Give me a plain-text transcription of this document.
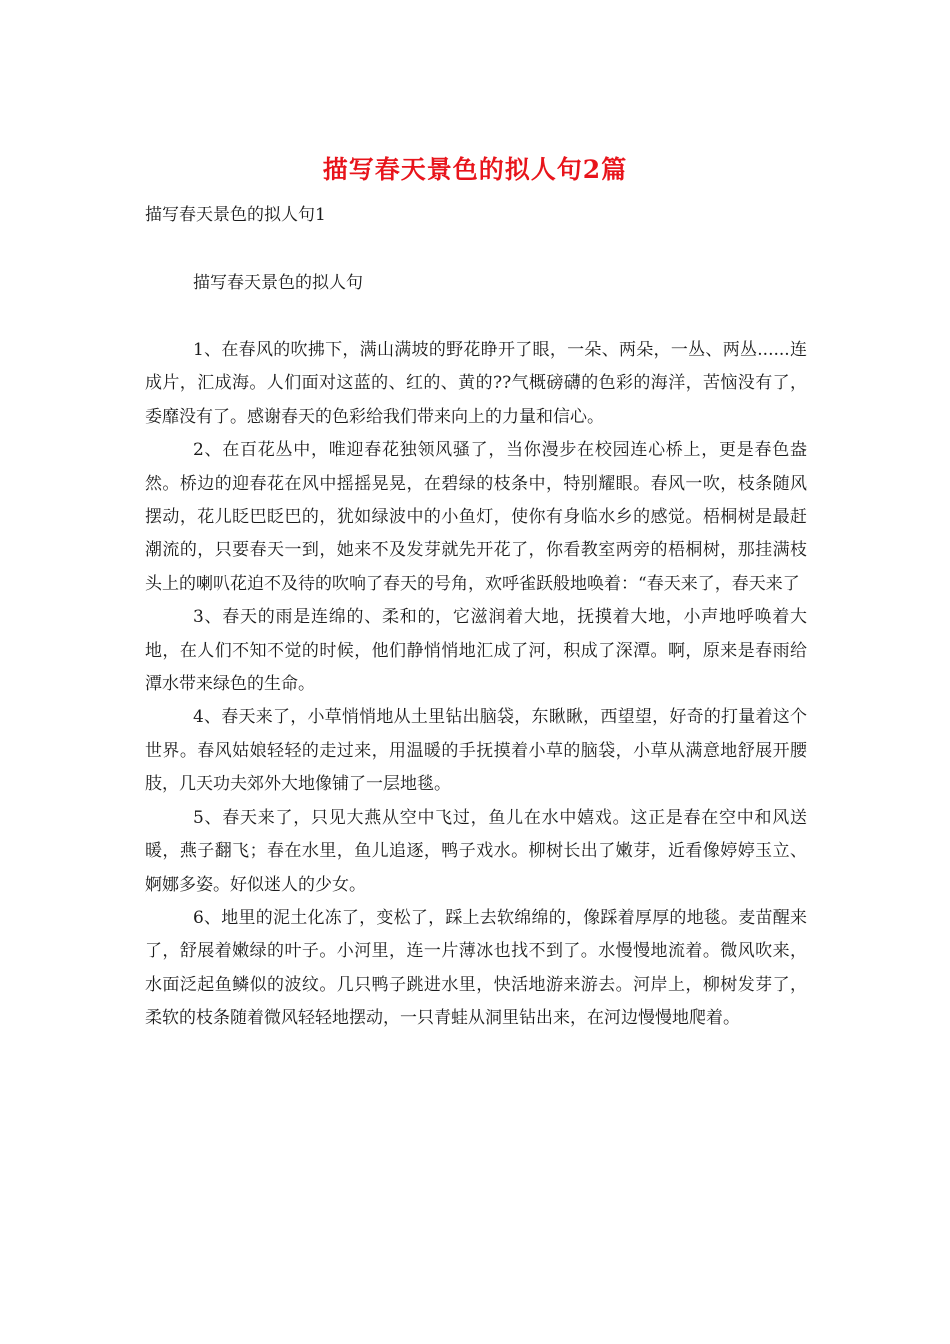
描写春天景色的拟人句2篇

描写春天景色的拟人句1

描写春天景色的拟人句

1、在春风的吹拂下，满山满坡的野花睁开了眼，一朵、两朵，一丛、两丛......连成片，汇成海。人们面对这蓝的、红的、黄的??气概磅礴的色彩的海洋，苦恼没有了，委靡没有了。感谢春天的色彩给我们带来向上的力量和信心。

2、在百花丛中，唯迎春花独领风骚了，当你漫步在校园连心桥上，更是春色盎然。桥边的迎春花在风中摇摇晃晃，在碧绿的枝条中，特别耀眼。春风一吹，枝条随风摆动，花儿眨巴眨巴的，犹如绿波中的小鱼灯，使你有身临水乡的感觉。梧桐树是最赶潮流的，只要春天一到，她来不及发芽就先开花了，你看教室两旁的梧桐树，那挂满枝头上的喇叭花迫不及待的吹响了春天的号角，欢呼雀跃般地唤着：“春天来了，春天来了

3、春天的雨是连绵的、柔和的，它滋润着大地，抚摸着大地，小声地呼唤着大地，在人们不知不觉的时候，他们静悄悄地汇成了河，积成了深潭。啊，原来是春雨给潭水带来绿色的生命。

4、春天来了，小草悄悄地从土里钻出脑袋，东瞅瞅，西望望，好奇的打量着这个世界。春风姑娘轻轻的走过来，用温暖的手抚摸着小草的脑袋，小草从满意地舒展开腰肢，几天功夫郊外大地像铺了一层地毯。

5、春天来了，只见大燕从空中飞过，鱼儿在水中嬉戏。这正是春在空中和风送暖，燕子翻飞；春在水里，鱼儿追逐，鸭子戏水。柳树长出了嫩芽，近看像婷婷玉立、婀娜多姿。好似迷人的少女。

6、地里的泥土化冻了，变松了，踩上去软绵绵的，像踩着厚厚的地毯。麦苗醒来了，舒展着嫩绿的叶子。小河里，连一片薄冰也找不到了。水慢慢地流着。微风吹来，水面泛起鱼鳞似的波纹。几只鸭子跳进水里，快活地游来游去。河岸上，柳树发芽了，柔软的枝条随着微风轻轻地摆动，一只青蛙从洞里钻出来，在河边慢慢地爬着。
